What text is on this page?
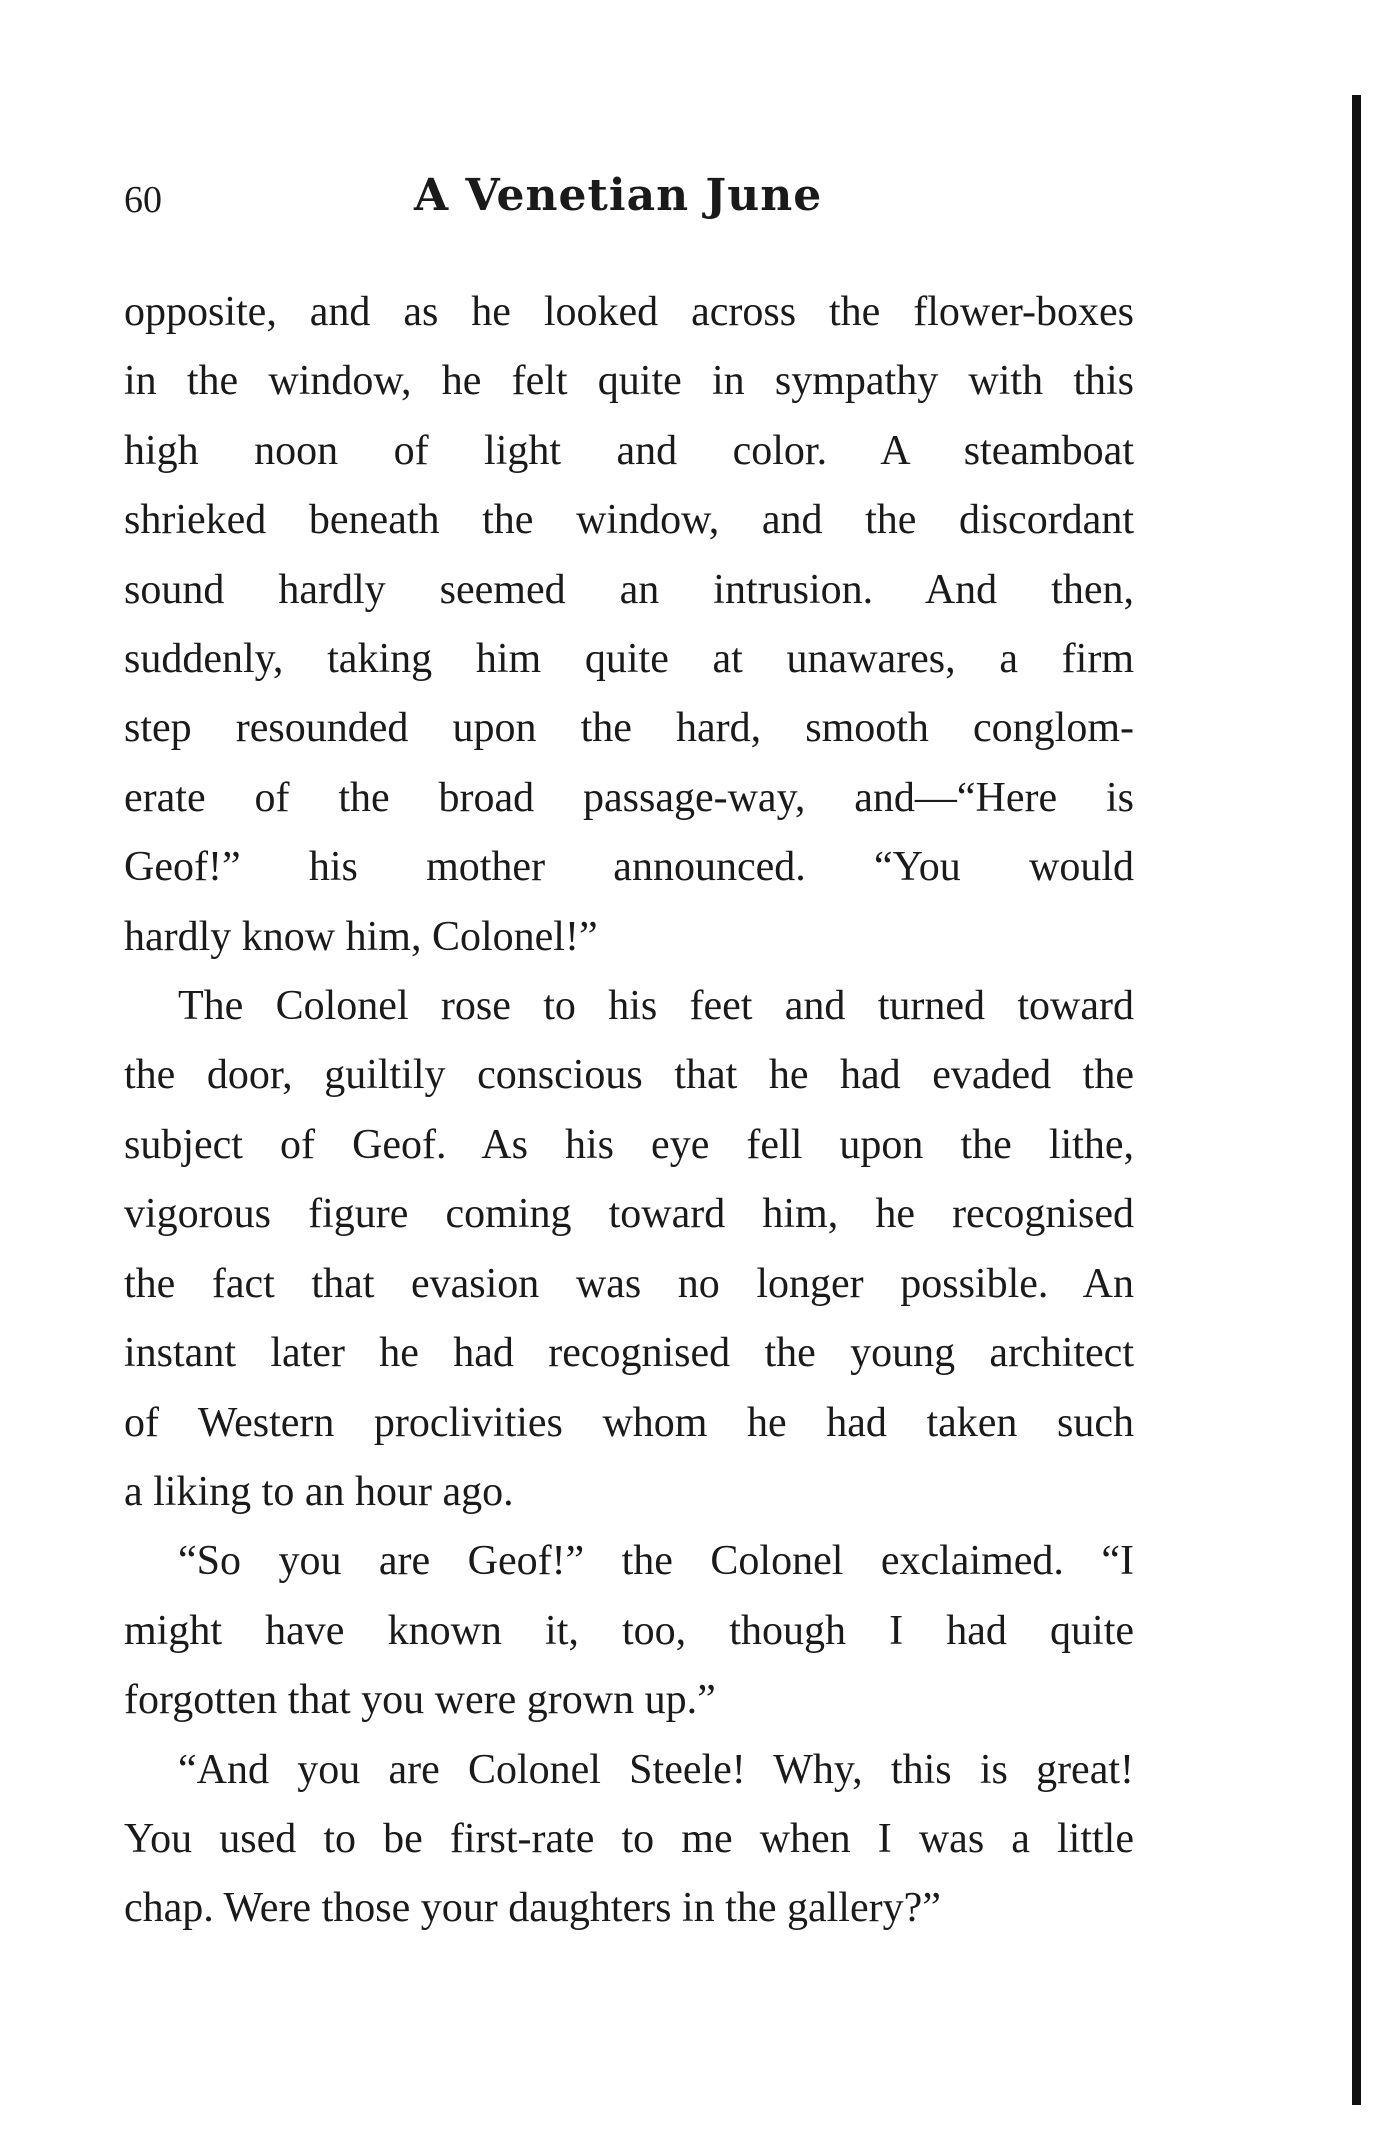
60	A Venetian June
opposite, and as he looked across the flower-boxes
in the window, he felt quite in sympathy with this
high noon of light and color. A steamboat
shrieked beneath the window, and the discordant
sound hardly seemed an intrusion. And then,
suddenly, taking him quite at unawares, a firm
step resounded upon the hard, smooth conglom-
erate of the broad passage-way, and—“Here is
Geof!” his mother announced. “You would
hardly know him, Colonel!”
The Colonel rose to his feet and turned toward
the door, guiltily conscious that he had evaded the
subject of Geof. As his eye fell upon the lithe,
vigorous figure coming toward him, he recognised
the fact that evasion was no longer possible. An
instant later he had recognised the young architect
of Western proclivities whom he had taken such
a liking to an hour ago.
“So you are Geof!” the Colonel exclaimed. “I
might have known it, too, though I had quite
forgotten that you were grown up.”
“And you are Colonel Steele! Why, this is great!
You used to be first-rate to me when I was a little
chap. Were those your daughters in the gallery?”
